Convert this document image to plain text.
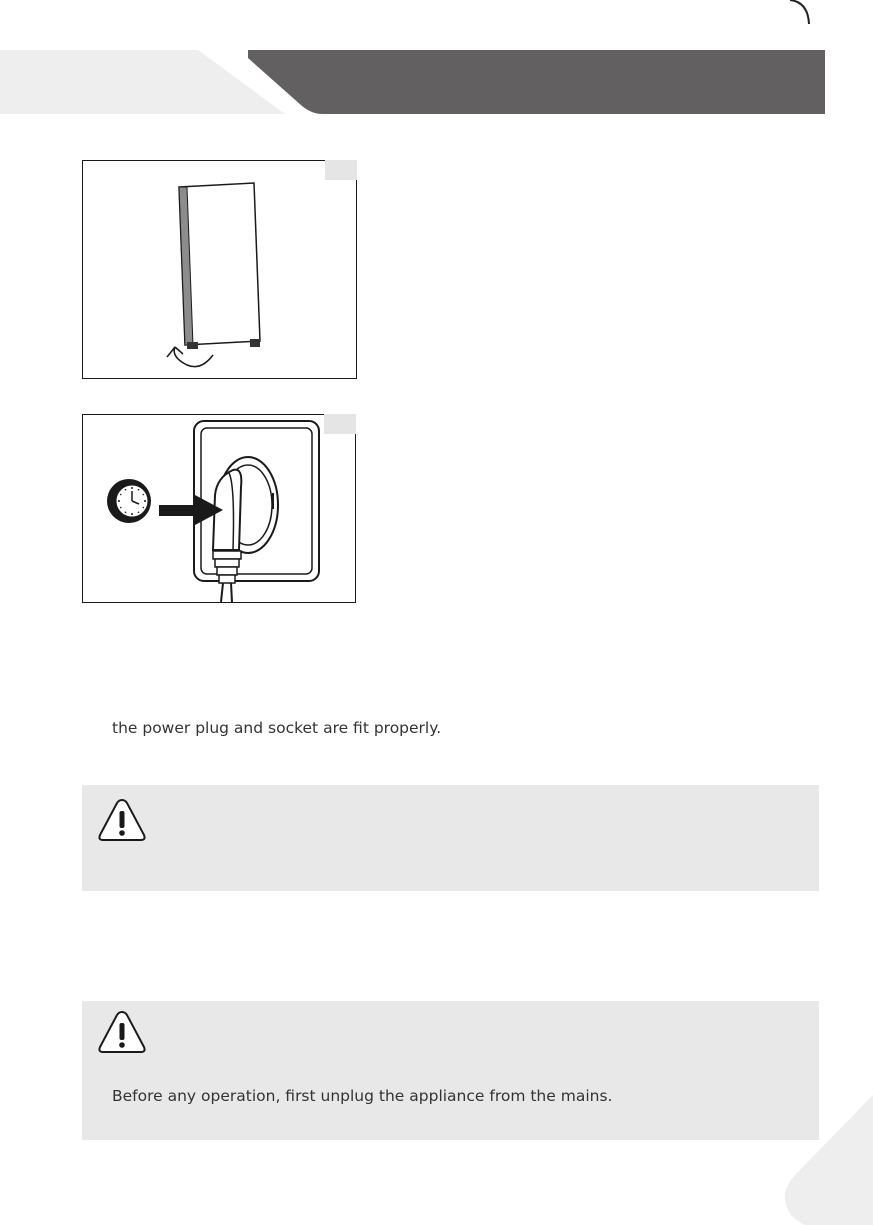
the power plug and socket are fit properly.

Before any operation, first unplug the appliance from the mains.
